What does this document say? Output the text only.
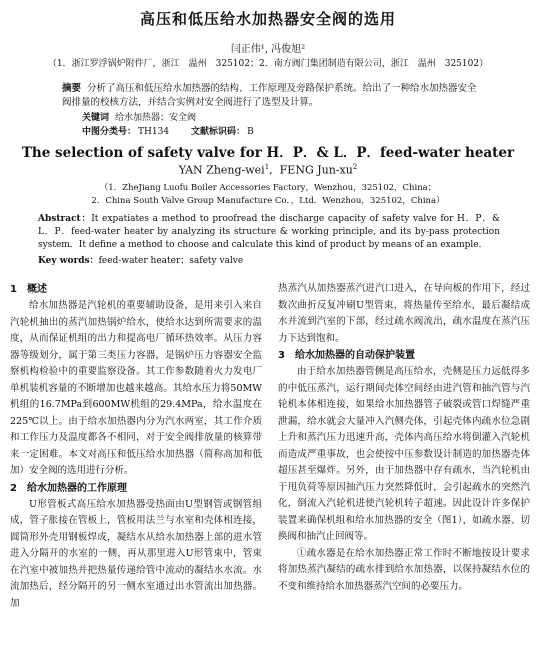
高压和低压给水加热器安全阀的选用
闫正伟¹, 冯俊旭²
（1．浙江罗浮锅炉附件厂，浙江　温州　325102；2．南方阀门集团制造有限公司，浙江　温州　325102）
摘要 分析了高压和低压给水加热器的结构、工作原理及旁路保护系统。给出了一种给水加热器安全阀排量的校核方法，并结合实例对安全阀进行了选型及计算。
关键词 给水加热器；安全阀
中图分类号： TH134 文献标识码： B
The selection of safety valve for H．P．& L．P．feed-water heater
YAN Zheng-wei$^1$,  FENG Jun-$xu^2$
（1．ZheJiang Luofu Boiler Accessories Factory，Wenzhou，325102，China；
2．China South Valve Group Manufacture Co．，Ltd．Wenzhou，325102，China）
Abstract：It expatiates a method to proofread the discharge capacity of safety valve for H．P．& L．P．feed-water heater by analyzing its structure & working principle, and its by-pass protection system．It define a method to choose and calculate this kind of product by means of an example．
Key words：feed-water heater；safety valve
1　概述

给水加热器是汽轮机的重要辅助设备，是用来引入来自汽轮机抽出的蒸汽加热锅炉给水，使给水达到所需要求的温度，从而保证机组的出力和提高电厂循环热效率。从压力容器等级划分，属于第三类压力容器，是锅炉压力容器安全监察机构检验中的重要监察设备。其工作参数随着火力发电厂单机装机容量的不断增加也越来越高。其给水压力将50MW机组的16.7MPa到600MW机组的29.4MPa，给水温度在225℃以上。由于给水加热器内分为汽水两室，其工作介质和工作压力及温度都各不相同，对于安全阀排放量的核算带来一定困难。本文对高压和低压给水加热器（简称高加和低加）安全阀的选用进行分析。

2　给水加热器的工作原理

U形管板式高压给水加热器受热面由U型钢管或钢管组成，管子胀接在管板上，管板用法兰与水室和壳体相连接，圆筒形外壳用钢板焊成，凝结水从给水加热器上部的进水管进入分隔开的水室的一侧，再从那里进入U形管束中，管束在汽室中被加热并把热量传递给管中流动的凝结水水流。水流加热后，经分隔开的另一侧水室通过出水管流出加热器。加

热蒸汽从加热器蒸汽进汽口进入，在导向板的作用下，经过数次曲折反复冲刷U型管束，将热量传至给水，最后凝结成水并流到汽室的下部，经过疏水阀流出，疏水温度在蒸汽压力下达到饱和。

3　给水加热器的自动保护装置

由于给水加热器管侧是高压给水，壳侧是压力远低得多的中低压蒸汽，运行期间壳体空间经由进汽管和抽汽管与汽轮机本体相连接，如果给水加热器管子破裂或管口焊缝严重泄漏，给水就会大量冲入汽侧壳体，引起壳体内疏水位急剧上升和蒸汽压力迅速升高，壳体内高压给水将倒灌入汽轮机而造成严重事故，也会使按中压参数设计制造的加热器壳体超压甚至爆炸。另外，由于加热器中存有疏水，当汽轮机由于甩负荷等原因抽汽压力突然降低时，会引起疏水的突然汽化，倒流入汽轮机进使汽轮机转子超速。因此设计许多保护装置来确保机组和给水加热器的安全（图1），如疏水器、切换阀和抽汽止回阀等。

①疏水器是在给水加热器正常工作时不断地按设计要求将加热蒸汽凝结的疏水排到给水加热器，以保持凝结水位的不变和维持给水加热器蒸汽空间的必要压力。
